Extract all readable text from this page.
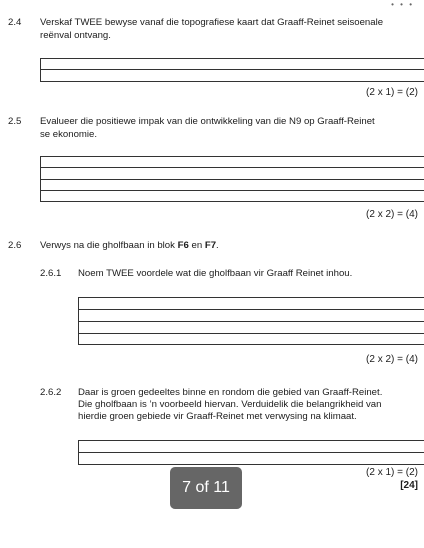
• • •
2.4 Verskaf TWEE bewyse vanaf die topografiese kaart dat Graaff-Reinet seisoenale
reënval ontvang.
(2 x 1) = (2)
2.5 Evalueer die positiewe impak van die ontwikkeling van die N9 op Graaff-Reinet
se ekonomie.
(2 x 2) = (4)
2.6 Verwys na die gholfbaan in blok F6 en F7.
2.6.1 Noem TWEE voordele wat die gholfbaan vir Graaff Reinet inhou.
(2 x 2) = (4)
2.6.2 Daar is groen gedeeltes binne en rondom die gebied van Graaff-Reinet.
Die gholfbaan is ’n voorbeeld hiervan. Verduidelik die belangrikheid van
hierdie groen gebiede vir Graaff-Reinet met verwysing na klimaat.
(2 x 1) = (2)
[24]
7 of 11
